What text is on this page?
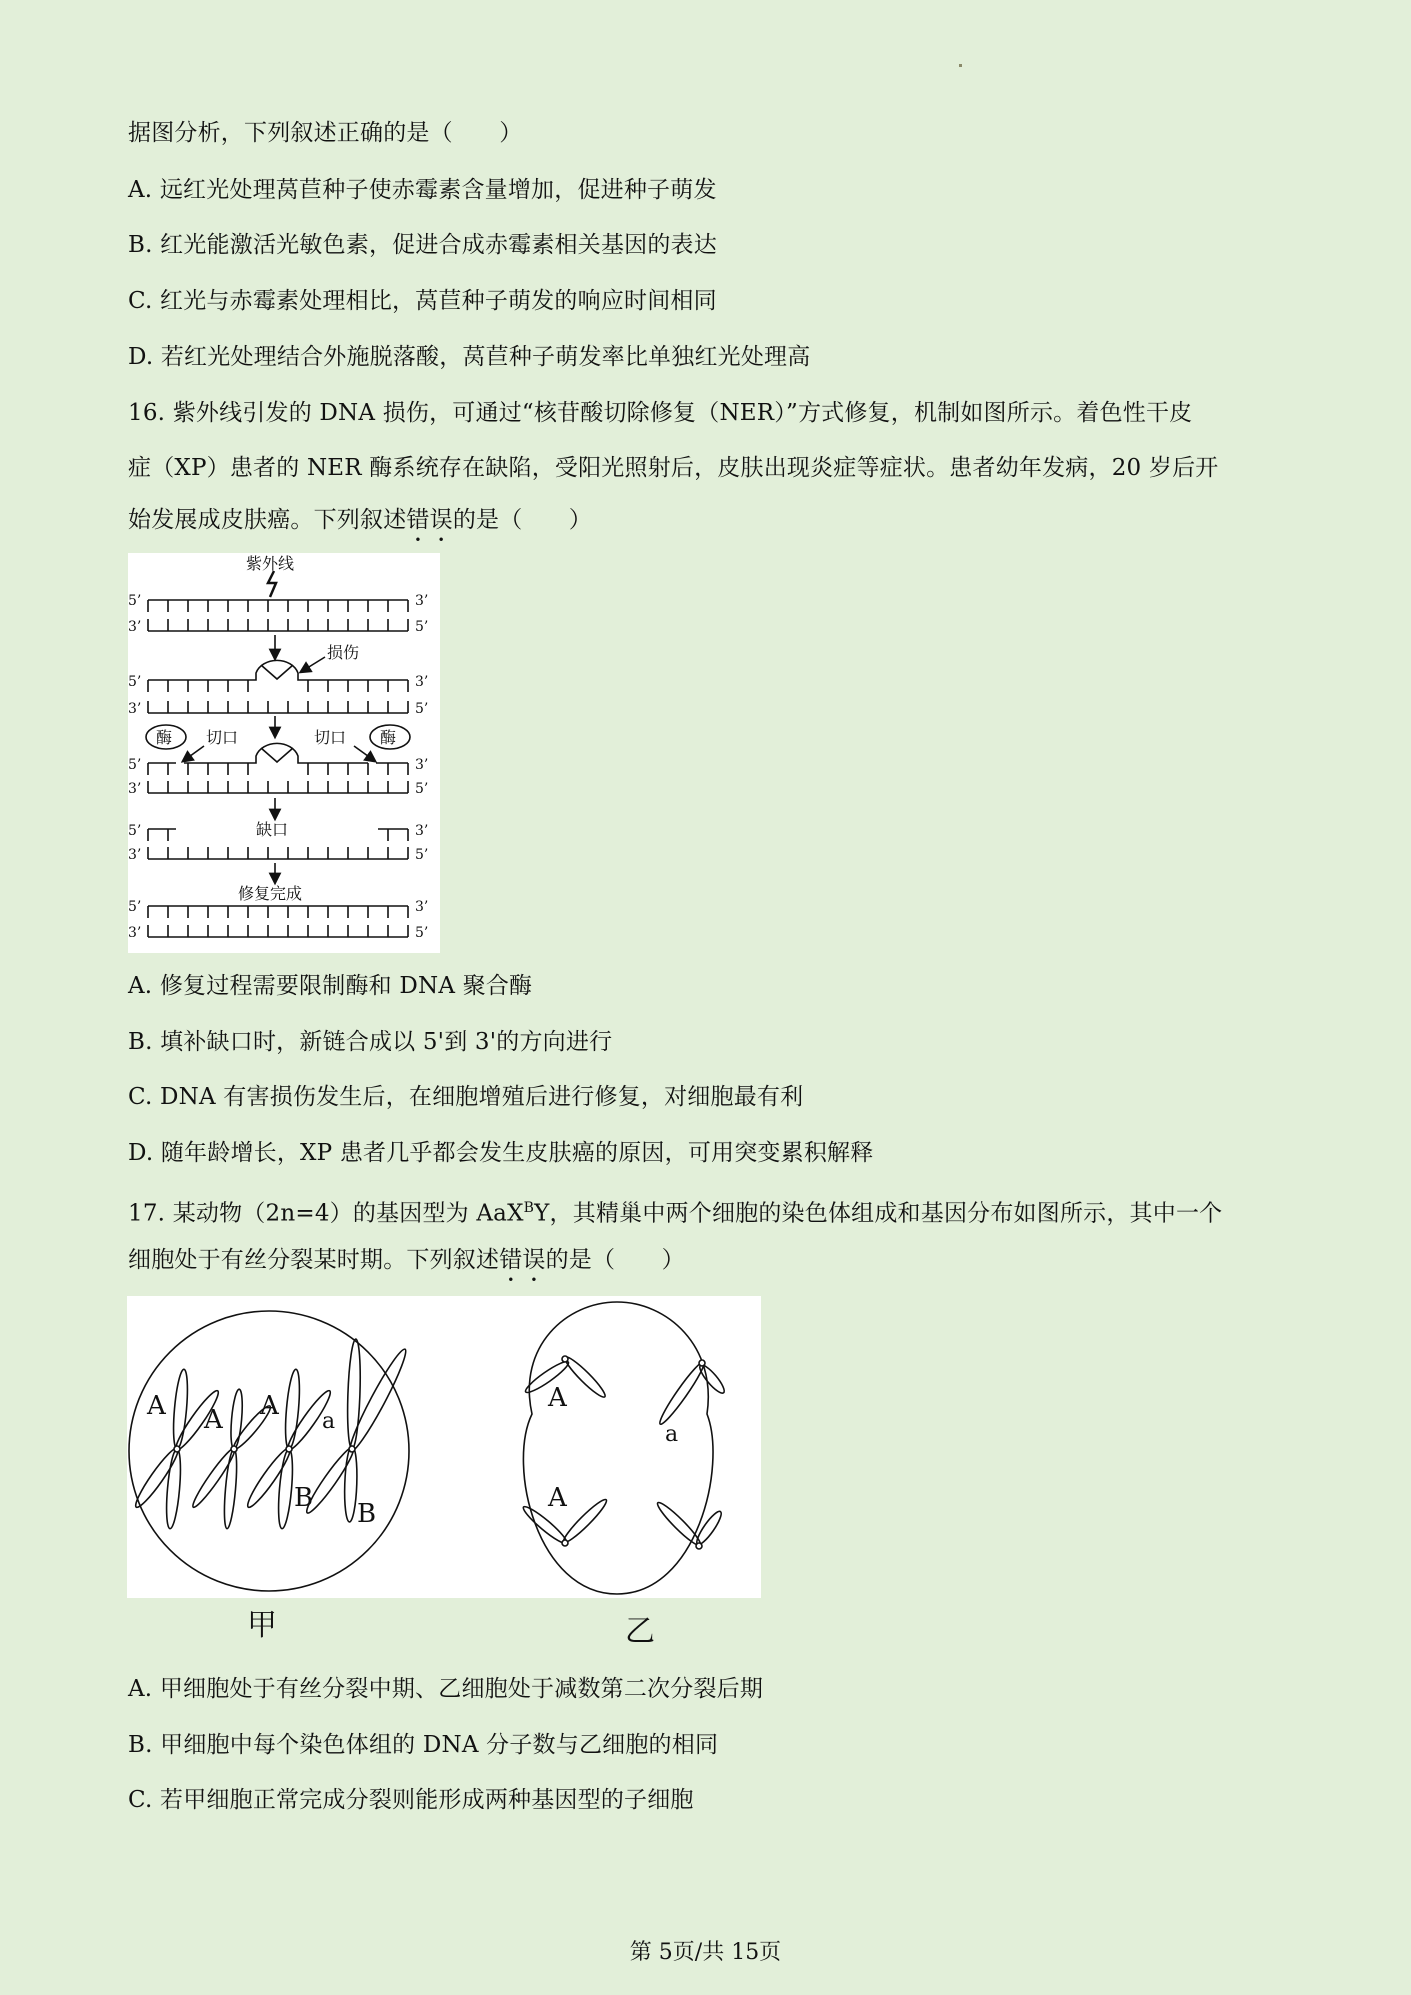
据图分析，下列叙述正确的是（　　）
A. 远红光处理莴苣种子使赤霉素含量增加，促进种子萌发
B. 红光能激活光敏色素，促进合成赤霉素相关基因的表达
C. 红光与赤霉素处理相比，莴苣种子萌发的响应时间相同
D. 若红光处理结合外施脱落酸，莴苣种子萌发率比单独红光处理高
16. 紫外线引发的 DNA 损伤，可通过“核苷酸切除修复（NER）”方式修复，机制如图所示。着色性干皮
症（XP）患者的 NER 酶系统存在缺陷，受阳光照射后，皮肤出现炎症等症状。患者幼年发病，20 岁后开
始发展成皮肤癌。下列叙述错误的是（　　）
紫外线
损伤
酶	酶
切口	切口
缺口
修复完成
5’	3’
3’	5’
5’	3’
3’	5’
5’	3’
3’	5’
5’	3’
3’	5’
5’	3’
3’	5’
A. 修复过程需要限制酶和 DNA 聚合酶
B. 填补缺口时，新链合成以 5'到 3'的方向进行
C. DNA 有害损伤发生后，在细胞增殖后进行修复，对细胞最有利
D. 随年龄增长，XP 患者几乎都会发生皮肤癌的原因，可用突变累积解释
17. 某动物（2n=4）的基因型为 AaX$^B$Y，其精巢中两个细胞的染色体组成和基因分布如图所示，其中一个
细胞处于有丝分裂某时期。下列叙述错误的是（　　）
A A A
a
B
B
A
a
A
甲	乙
A. 甲细胞处于有丝分裂中期、乙细胞处于减数第二次分裂后期
B. 甲细胞中每个染色体组的 DNA 分子数与乙细胞的相同
C. 若甲细胞正常完成分裂则能形成两种基因型的子细胞
第 5页/共 15页
